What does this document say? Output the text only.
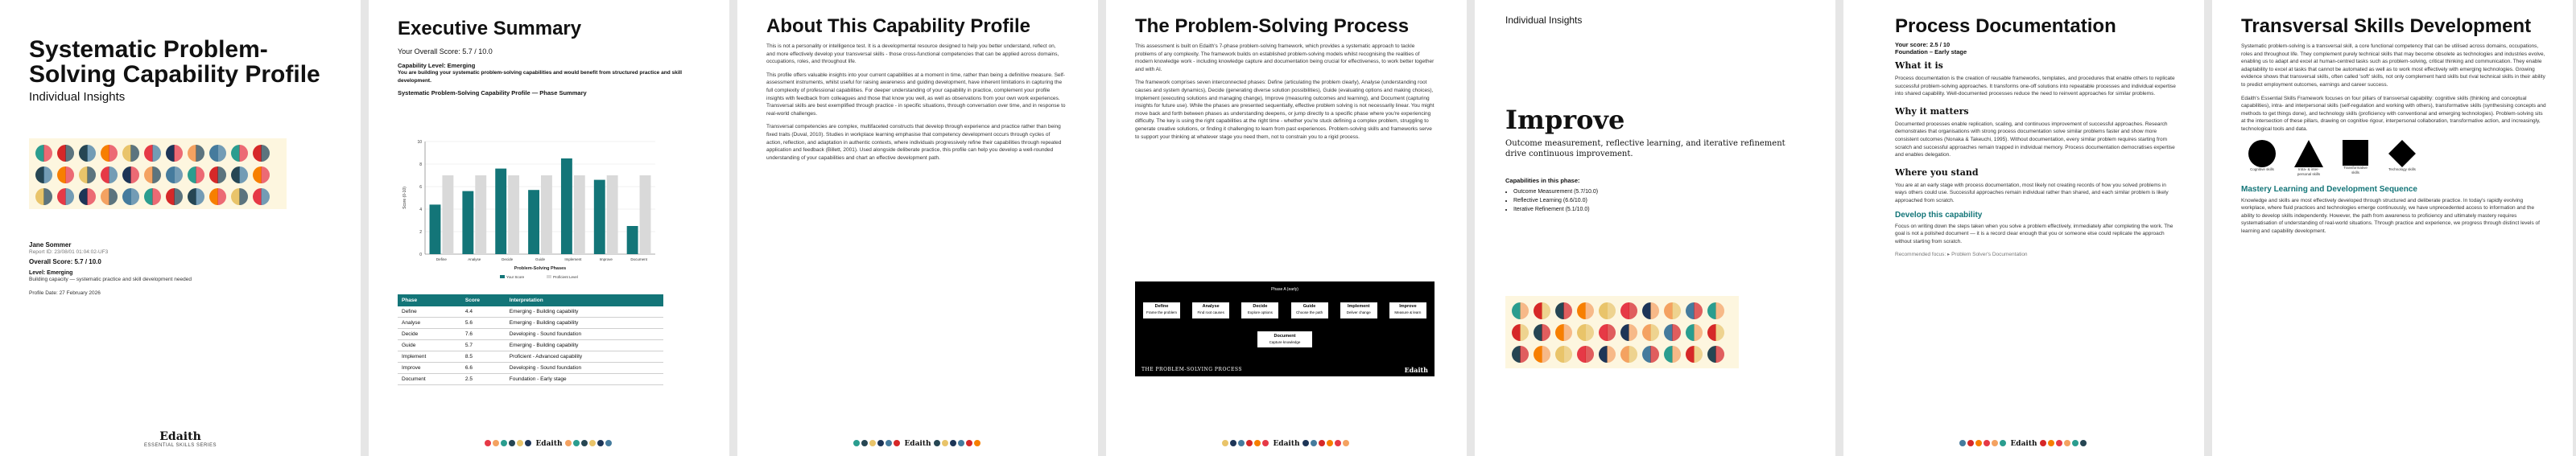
Systematic Problem-Solving Capability Profile
Individual Insights
Jane Sommer
Report ID: 23/08/01 01:04:02-UF3
Overall Score: 5.7 / 10.0
Level: Emerging
Building capacity — systematic practice and skill development needed
Profile Date: 27 February 2026
Edaith
ESSENTIAL SKILLS SERIES
Executive Summary
Your Overall Score: 5.7 / 10.0
Capability Level: Emerging
You are building your systematic problem-solving capabilities and would benefit from structured practice and skill development.
Systematic Problem-Solving Capability Profile — Phase Summary
0
2
4
6
8
10
Define	Analyse	Decide	Guide	Implement	Improve	Document
Score (0-10)
Problem-Solving Phases
Your Score	Proficient Level
Phase	Score	Interpretation
Define	4.4	Emerging - Building capability
Analyse	5.6	Emerging - Building capability
Decide	7.6	Developing - Sound foundation
Guide	5.7	Emerging - Building capability
Implement	8.5	Proficient - Advanced capability
Improve	6.6	Developing - Sound foundation
Document	2.5	Foundation - Early stage
Edaith
About This Capability Profile

This is not a personality or intelligence test. It is a developmental resource designed to help you better understand, reflect on, and more effectively develop your transversal skills - those cross-functional competencies that can be applied across domains, occupations, roles, and throughout life.

This profile offers valuable insights into your current capabilities at a moment in time, rather than being a definitive measure. Self-assessment instruments, whilst useful for raising awareness and guiding development, have inherent limitations in capturing the full complexity of professional capabilities. For deeper understanding of your capability in practice, complement your profile insights with feedback from colleagues and those that know you well, as well as observations from your own work experiences. Transversal skills are best exemplified through practice - in specific situations, through conversation over time, and in response to real-world challenges.

Transversal competencies are complex, multifaceted constructs that develop through experience and practice rather than being fixed traits (Duval, 2010). Studies in workplace learning emphasise that competency development occurs through cycles of action, reflection, and adaptation in authentic contexts, where individuals progressively refine their capabilities through repeated application and feedback (Billett, 2001). Used alongside deliberate practice, this profile can help you develop a well-rounded understanding of your capabilities and chart an effective development path.

Edaith
The Problem-Solving Process

This assessment is built on Edaith's 7-phase problem-solving framework, which provides a systematic approach to tackle problems of any complexity. The framework builds on established problem-solving models whilst recognising the realities of modern knowledge work - including knowledge capture and documentation being crucial for effectiveness, to work better together and with AI.

The framework comprises seven interconnected phases: Define (articulating the problem clearly), Analyse (understanding root causes and system dynamics), Decide (generating diverse solution possibilities), Guide (evaluating options and making choices), Implement (executing solutions and managing change), Improve (measuring outcomes and learning), and Document (capturing insights for future use). While the phases are presented sequentially, effective problem solving is not necessarily linear. You might move back and forth between phases as understanding deepens, or jump directly to a specific phase where you're experiencing difficulty. The key is using the right capabilities at the right time - whether you're stuck defining a complex problem, struggling to generate creative solutions, or finding it challenging to learn from past experiences. Problem-solving skills and frameworks serve to support your thinking at whatever stage you need them, not to constrain you to a rigid process.

Phase A (early)
Define
Frame the problem
Analyse
Find root causes
Decide
Explore options
Guide
Choose the path
Implement
Deliver change
Improve
Measure & learn
Document
Capture knowledge
THE PROBLEM-SOLVING PROCESS	Edaith
Edaith
Individual Insights
Improve
Outcome measurement, reflective learning, and iterative refinement drive continuous improvement.
Capabilities in this phase:
• Outcome Measurement (5.7/10.0)
• Reflective Learning (6.6/10.0)
• Iterative Refinement (5.1/10.0)
Process Documentation
Your score: 2.5 / 10
Foundation – Early stage
What it is

Process documentation is the creation of reusable frameworks, templates, and procedures that enable others to replicate successful problem-solving approaches. It transforms one-off solutions into repeatable processes and individual expertise into shared capability. Well-documented processes reduce the need to reinvent approaches for similar problems.

Why it matters

Documented processes enable replication, scaling, and continuous improvement of successful approaches. Research demonstrates that organisations with strong process documentation solve similar problems faster and show more consistent outcomes (Nonaka & Takeuchi, 1995). Without documentation, every similar problem requires starting from scratch and successful approaches remain trapped in individual memory. Process documentation democratises expertise and enables delegation.

Where you stand

You are at an early stage with process documentation, most likely not creating records of how you solved problems in ways others could use. Successful approaches remain individual rather than shared, and each similar problem is likely approached from scratch.

Develop this capability

Focus on writing down the steps taken when you solve a problem effectively, immediately after completing the work. The goal is not a polished document — it is a record clear enough that you or someone else could replicate the approach without starting from scratch.

Recommended focus: ▸ Problem Solver's Documentation

Edaith
Transversal Skills Development

Systematic problem-solving is a transversal skill, a core functional competency that can be utilised across domains, occupations, roles and throughout life. They complement purely technical skills that may become obsolete as technologies and industries evolve, enabling us to adapt and excel at human-centred tasks such as problem-solving, critical thinking and communication. They enable adaptability to excel at tasks that cannot be automated as well as to work most effectively with emerging technologies. Growing evidence shows that transversal skills, often called 'soft' skills, not only complement hard skills but rival technical skills in their ability to predict employment outcomes, earnings and career success.

Edaith's Essential Skills Framework focuses on four pillars of transversal capability: cognitive skills (thinking and conceptual capabilities), intra- and interpersonal skills (self-regulation and working with others), transformative skills (synthesising concepts and methods to get things done), and technology skills (proficiency with conventional and emerging technologies). Problem-solving sits at the intersection of these pillars, drawing on cognitive rigour, interpersonal collaboration, transformative action, and increasingly, technological tools and data.

Cognitive skills	Intra- & inter-personal skills
Transformative skills
Technology skills
Mastery Learning and Development Sequence

Knowledge and skills are most effectively developed through structured and deliberate practice. In today's rapidly evolving workplace, where fluid practices and technologies emerge continuously, we have unprecedented access to information and the ability to develop skills independently. However, the path from awareness to proficiency and ultimately mastery requires systematisation of understanding of real-world situations. Through practice and experience, we progress through distinct levels of learning and capability development.
